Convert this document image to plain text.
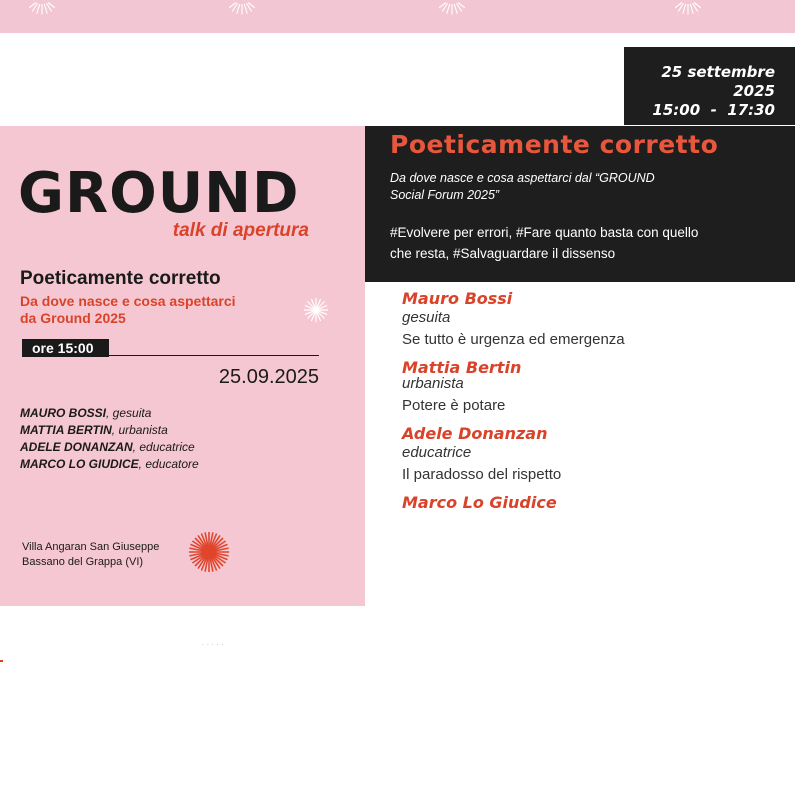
25 settembre
2025
15:00  -  17:30
GROUND
talk di apertura
Poeticamente corretto
Da dove nasce e cosa aspettarci
da Ground 2025
ore 15:00
25.09.2025
MAURO BOSSI, gesuita
MATTIA BERTIN, urbanista
ADELE DONANZAN, educatrice
MARCO LO GIUDICE, educatore
Villa Angaran San Giuseppe
Bassano del Grappa (VI)
Poeticamente corretto
Da dove nasce e cosa aspettarci dal “GROUND
Social Forum 2025”
#Evolvere per errori, #Fare quanto basta con quello
che resta, #Salvaguardare il dissenso
Mauro Bossi
gesuita
Se tutto è urgenza ed emergenza
Mattia Bertin
urbanista
Potere è potare
Adele Donanzan
educatrice
Il paradosso del rispetto
Marco Lo Giudice
˙ ˙ ˙ ˙ ˙
